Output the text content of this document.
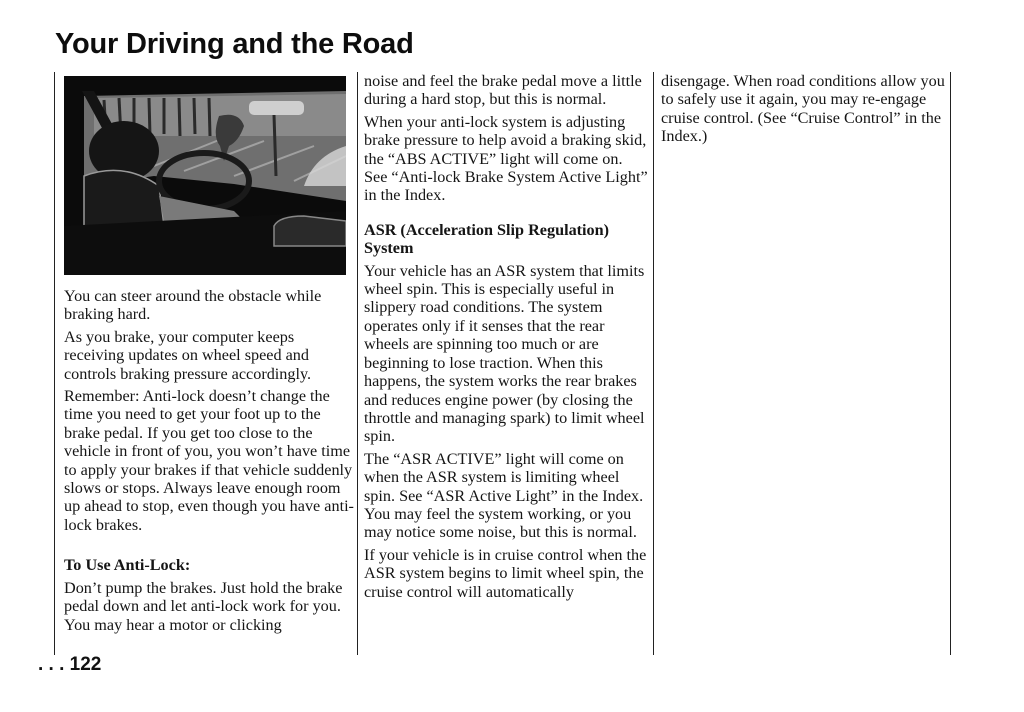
Your Driving and the Road

You can steer around the obstacle while braking hard.

As you brake, your computer keeps receiving updates on wheel speed and controls braking pressure accordingly.

Remember: Anti-lock doesn’t change the time you need to get your foot up to the brake pedal. If you get too close to the vehicle in front of you, you won’t have time to apply your brakes if that vehicle suddenly slows or stops. Always leave enough room up ahead to stop, even though you have anti-lock brakes.

To Use Anti-Lock:

Don’t pump the brakes. Just hold the brake pedal down and let anti-lock work for you. You may hear a motor or clicking

noise and feel the brake pedal move a little during a hard stop, but this is normal.

When your anti-lock system is adjusting brake pressure to help avoid a braking skid, the “ABS ACTIVE” light will come on. See “Anti-lock Brake System Active Light” in the Index.

ASR (Acceleration Slip Regulation) System

Your vehicle has an ASR system that limits wheel spin. This is especially useful in slippery road conditions. The system operates only if it senses that the rear wheels are spinning too much or are beginning to lose traction. When this happens, the system works the rear brakes and reduces engine power (by closing the throttle and managing spark) to limit wheel spin.

The “ASR ACTIVE” light will come on when the ASR system is limiting wheel spin. See “ASR Active Light” in the Index. You may feel the system working, or you may notice some noise, but this is normal.

If your vehicle is in cruise control when the ASR system begins to limit wheel spin, the cruise control will automatically

disengage. When road conditions allow you to safely use it again, you may re-engage cruise control. (See “Cruise Control” in the Index.)

. . . 122
